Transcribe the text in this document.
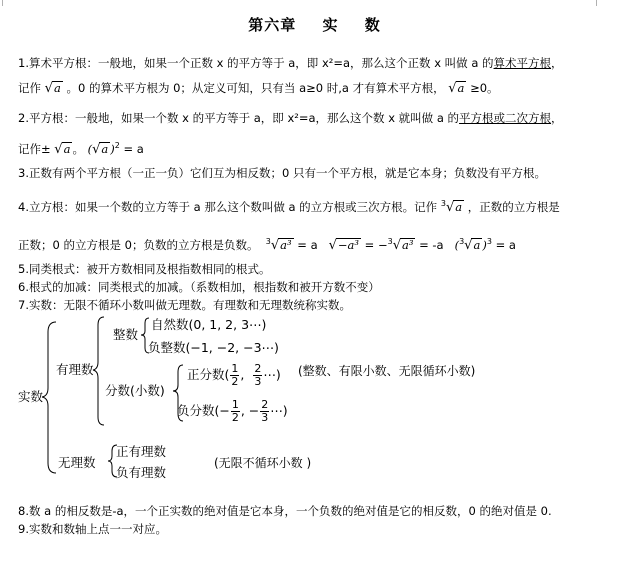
第六章 实 数
1.算术平方根：一般地，如果一个正数 x 的平方等于 a，即 x²=a，那么这个正数 x 叫做 a 的算术平方根，
记作 √a 。0 的算术平方根为 0；从定义可知，只有当 a≥0 时,a 才有算术平方根， √a ≥0。
2.平方根：一般地，如果一个数 x 的平方等于 a，即 x²=a，那么这个数 x 就叫做 a 的平方根或二次方根，
记作± √a 。 (√a )$^2$ = a
3.正数有两个平方根（一正一负）它们互为相反数；0 只有一个平方根，就是它本身；负数没有平方根。
4.立方根：如果一个数的立方等于 a 那么这个数叫做 a 的立方根或三次方根。记作 $^3$√a ，正数的立方根是
正数；0 的立方根是 0；负数的立方根是负数。 $^3$√a³ = a √−a³ = −$^3$√a³ = -a ($^3$√a )$^3$ = a
5.同类根式：被开方数相同及根指数相同的根式。
6.根式的加减：同类根式的加减。（系数相加，根指数和被开方数不变）
7.实数：无限不循环小数叫做无理数。有理数和无理数统称实数。
实数
有理数
整数
自然数(0, 1, 2, 3⋯)
负整数(−1, −2, −3⋯)
分数(小数)
正分数( $\frac{1}{2}$ , $\frac{2}{3}$ ⋯) (整数、有限小数、无限循环小数)
负分数(− $\frac{1}{2}$ , − $\frac{2}{3}$ ⋯)
无理数
正有理数
负有理数
(无限不循环小数 )
8.数 a 的相反数是-a，一个正实数的绝对值是它本身，一个负数的绝对值是它的相反数，0 的绝对值是 0.
9.实数和数轴上点一一对应。
